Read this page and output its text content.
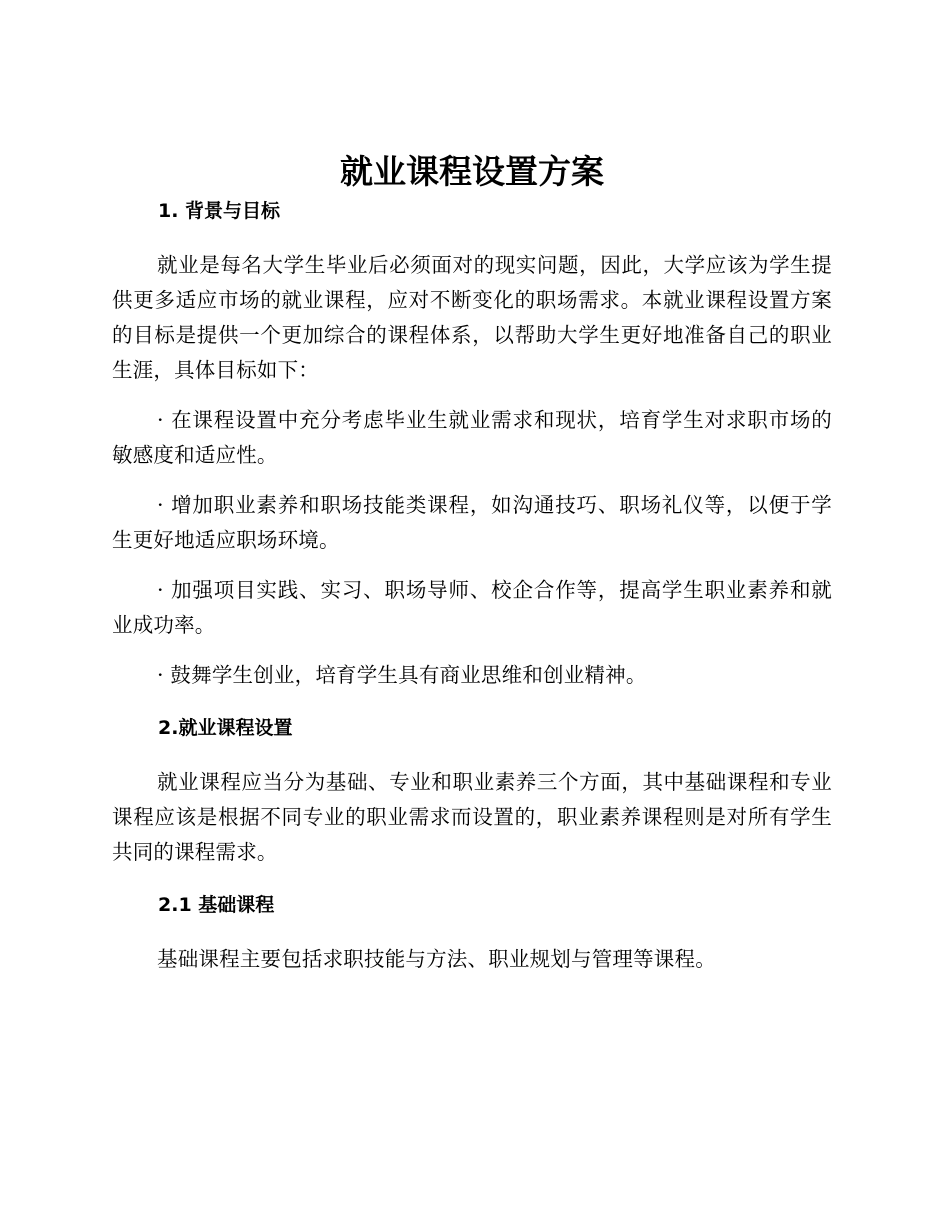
就业课程设置方案
1. 背景与目标

就业是每名大学生毕业后必须面对的现实问题，因此，大学应该为学生提供更多适应市场的就业课程，应对不断变化的职场需求。本就业课程设置方案的目标是提供一个更加综合的课程体系，以帮助大学生更好地准备自己的职业生涯，具体目标如下：

· 在课程设置中充分考虑毕业生就业需求和现状，培育学生对求职市场的敏感度和适应性。

· 增加职业素养和职场技能类课程，如沟通技巧、职场礼仪等，以便于学生更好地适应职场环境。

· 加强项目实践、实习、职场导师、校企合作等，提高学生职业素养和就业成功率。

· 鼓舞学生创业，培育学生具有商业思维和创业精神。

2.就业课程设置

就业课程应当分为基础、专业和职业素养三个方面，其中基础课程和专业课程应该是根据不同专业的职业需求而设置的，职业素养课程则是对所有学生共同的课程需求。

2.1 基础课程

基础课程主要包括求职技能与方法、职业规划与管理等课程。
